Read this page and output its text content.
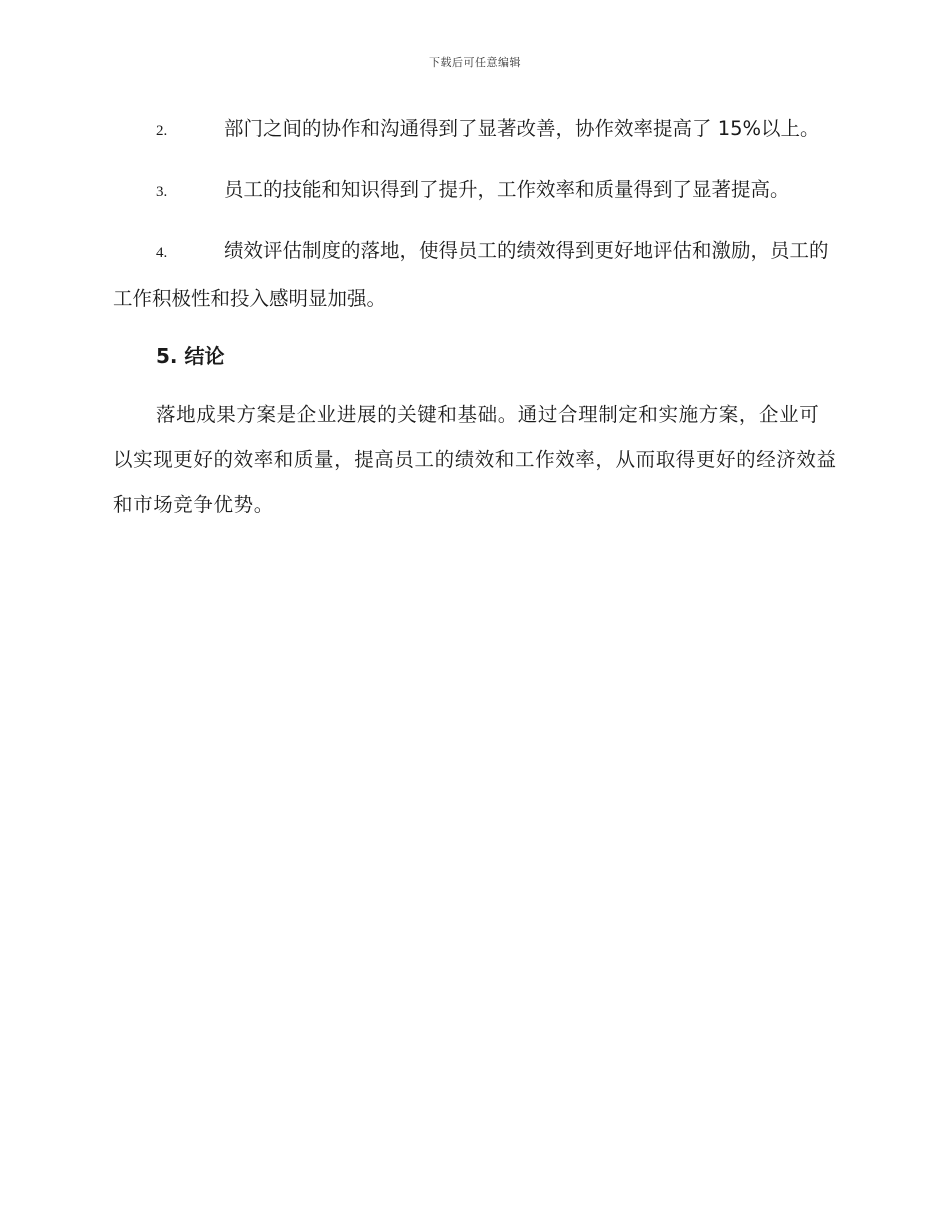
下载后可任意编辑

2.	部门之间的协作和沟通得到了显著改善，协作效率提高了 15%以上。

3.	员工的技能和知识得到了提升，工作效率和质量得到了显著提高。

4.	绩效评估制度的落地，使得员工的绩效得到更好地评估和激励，员工的工作积极性和投入感明显加强。

5. 结论

落地成果方案是企业进展的关键和基础。通过合理制定和实施方案，企业可以实现更好的效率和质量，提高员工的绩效和工作效率，从而取得更好的经济效益和市场竞争优势。
